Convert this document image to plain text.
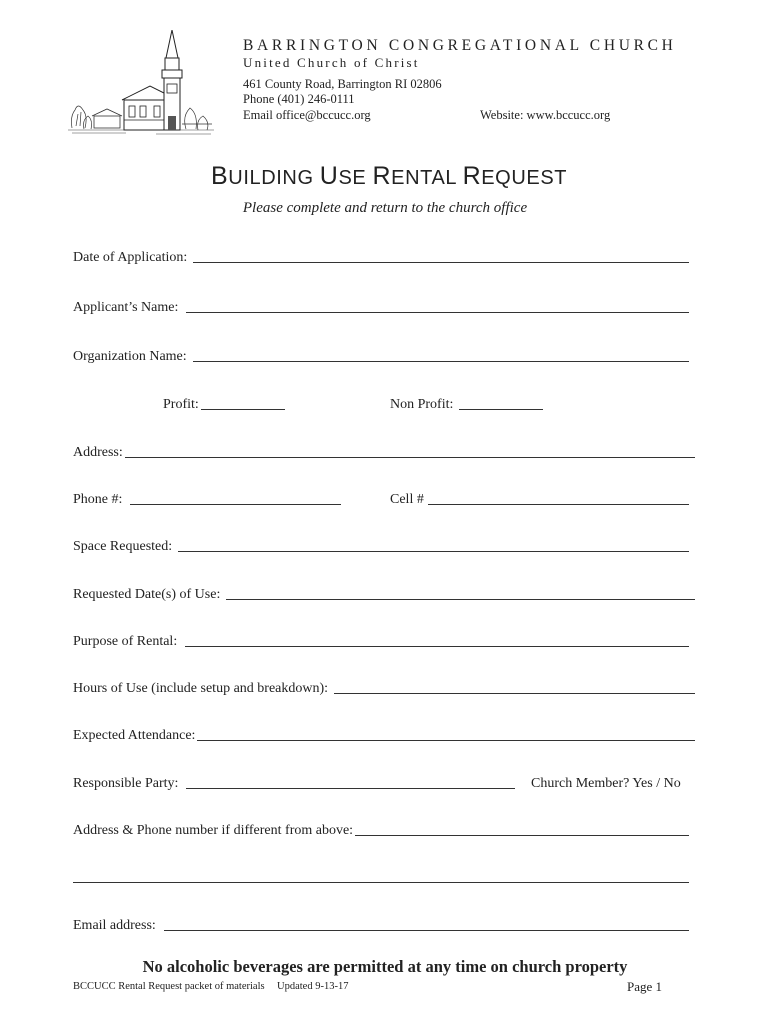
BARRINGTON CONGREGATIONAL CHURCH
United Church of Christ
461 County Road, Barrington RI 02806
Phone (401) 246-0111
Email office@bccucc.org	Website: www.bccucc.org
BUILDING USE RENTAL REQUEST
Please complete and return to the church office
Date of Application:
Applicant’s Name:
Organization Name:
Profit:	Non Profit:
Address:
Phone #:	Cell #
Space Requested:
Requested Date(s) of Use:
Purpose of Rental:
Hours of Use (include setup and breakdown):
Expected Attendance:
Responsible Party:	Church Member? Yes / No
Address & Phone number if different from above:
Email address:
No alcoholic beverages are permitted at any time on church property
BCCUCC Rental Request packet of materials Updated 9-13-17	Page 1
